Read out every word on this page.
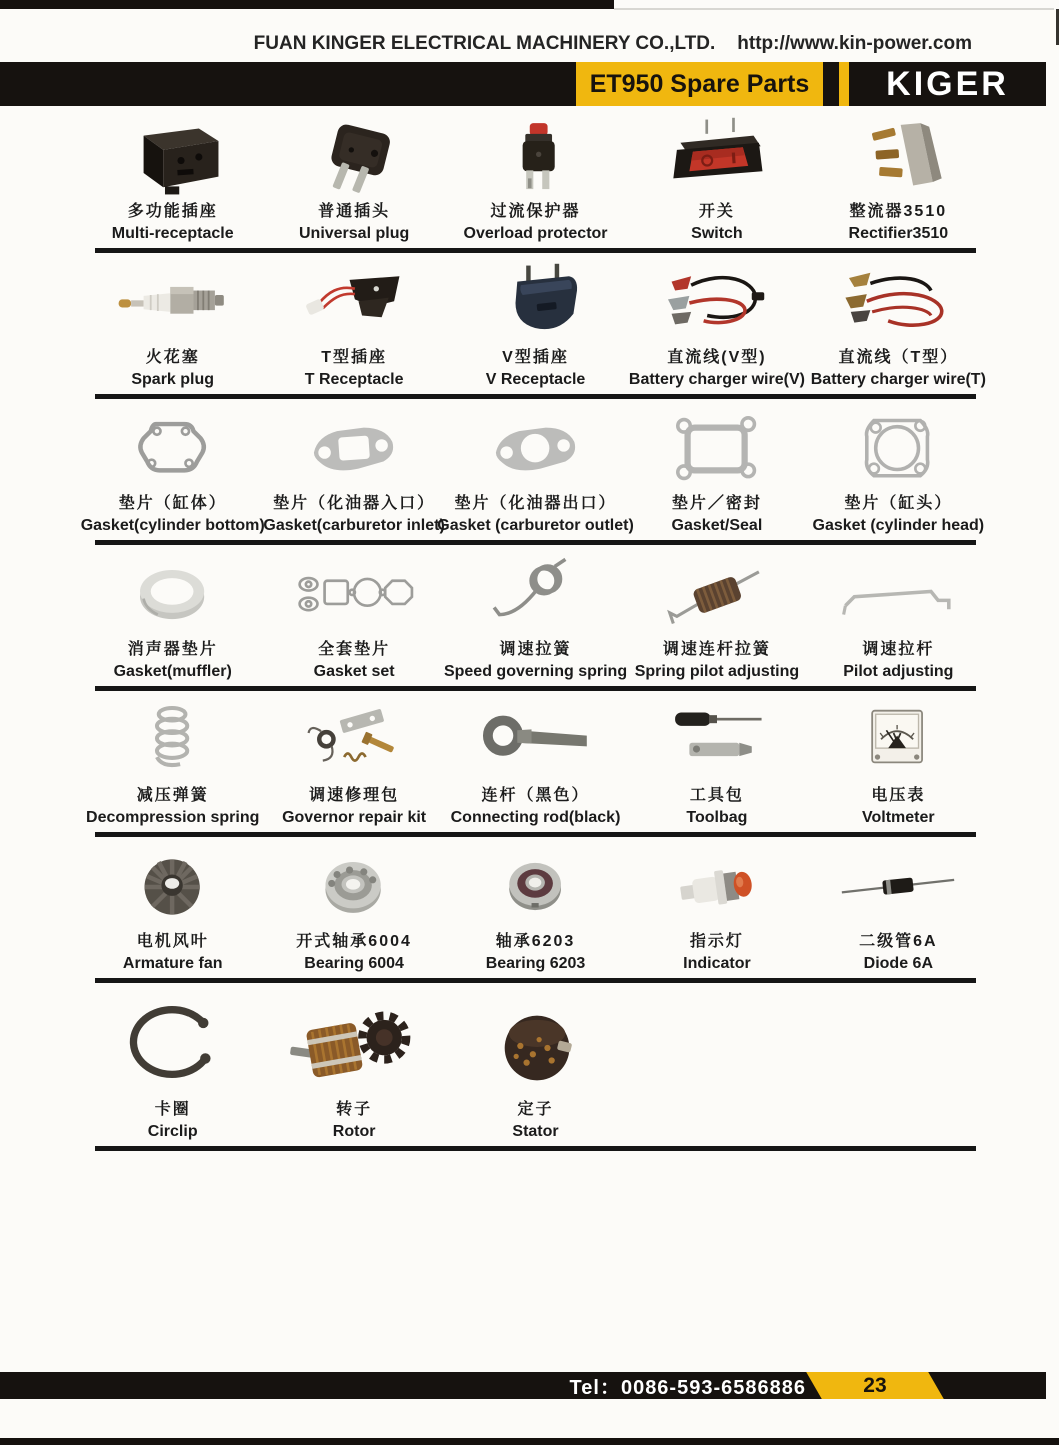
FUAN KINGER ELECTRICAL MACHINERY CO.,LTD. http://www.kin-power.com
ET950 Spare Parts	KIGER
多功能插座
Multi-receptacle
普通插头
Universal plug
过流保护器
Overload protector
开关
Switch
整流器3510
Rectifier3510
火花塞
Spark plug
T型插座
T Receptacle
V型插座
V Receptacle
直流线(V型)
Battery charger wire(V)
直流线（T型）
Battery charger wire(T)
垫片（缸体）
Gasket(cylinder bottom)
垫片（化油器入口）
Gasket(carburetor inlet)
垫片（化油器出口）
Gasket (carburetor outlet)
垫片／密封
Gasket/Seal
垫片（缸头）
Gasket (cylinder head)
消声器垫片
Gasket(muffler)
全套垫片
Gasket set
调速拉簧
Speed governing spring
调速连杆拉簧
Spring pilot adjusting
调速拉杆
Pilot adjusting
减压弹簧
Decompression spring
调速修理包
Governor repair kit
连杆（黑色）
Connecting rod(black)
工具包
Toolbag
电压表
Voltmeter
电机风叶
Armature fan
开式轴承6004
Bearing 6004
轴承6203
Bearing 6203
指示灯
Indicator
二级管6A
Diode 6A
卡圈
Circlip
转子
Rotor
定子
Stator
Tel：0086-593-6586886	23
